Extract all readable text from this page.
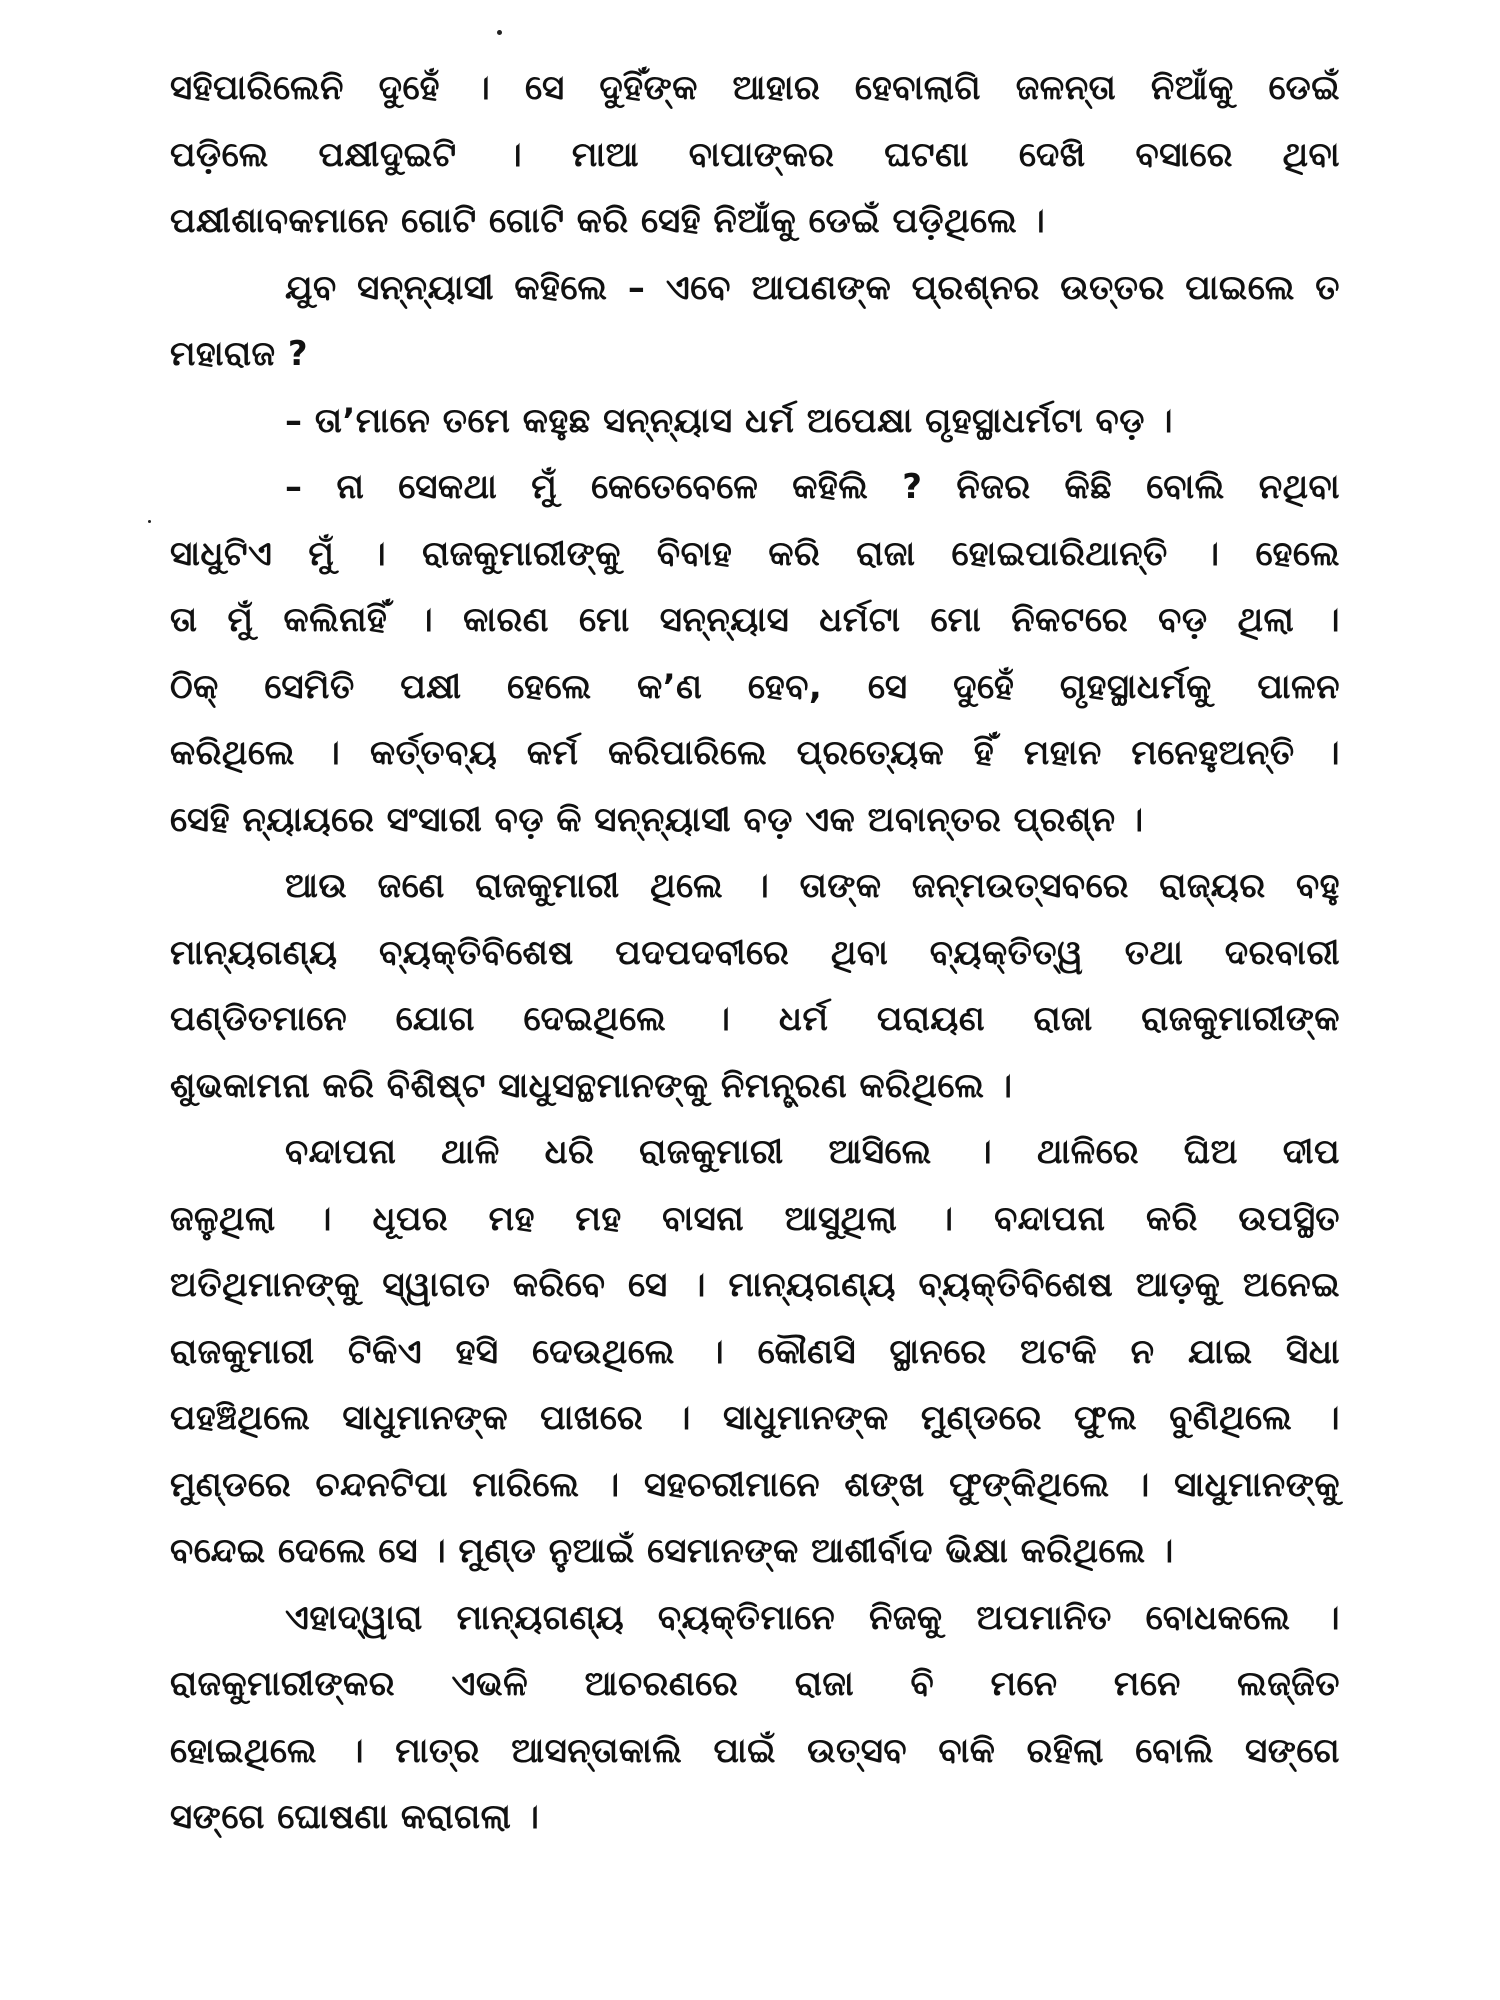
ସହିପାରିଲେନି ଦୁହେଁ । ସେ ଦୁହିଁଙ୍କ ଆହାର ହେବାଲାଗି ଜଳନ୍ତା ନିଆଁକୁ ଡେଇଁ
ପଡ଼ିଲେ ପକ୍ଷୀଦୁଇଟି । ମାଆ ବାପାଙ୍କର ଘଟଣା ଦେଖି ବସାରେ ଥିବା
ପକ୍ଷୀଶାବକମାନେ ଗୋଟି ଗୋଟି କରି ସେହି ନିଆଁକୁ ଡେଇଁ ପଡ଼ିଥିଲେ ।
ଯୁବ ସନ୍ନ୍ୟାସୀ କହିଲେ – ଏବେ ଆପଣଙ୍କ ପ୍ରଶ୍ନର ଉତ୍ତର ପାଇଲେ ତ
ମହାରାଜ ?
– ତା’ମାନେ ତମେ କହୁଛ ସନ୍ନ୍ୟାସ ଧର୍ମ ଅପେକ୍ଷା ଗୃହସ୍ଥାଧର୍ମଟା ବଡ଼ ।
– ନା ସେକଥା ମୁଁ କେତେବେଳେ କହିଲି ? ନିଜର କିଛି ବୋଲି ନଥିବା
ସାଧୁଟିଏ ମୁଁ । ରାଜକୁମାରୀଙ୍କୁ ବିବାହ କରି ରାଜା ହୋଇପାରିଥାନ୍ତି । ହେଲେ
ତା ମୁଁ କଲିନାହିଁ । କାରଣ ମୋ ସନ୍ନ୍ୟାସ ଧର୍ମଟା ମୋ ନିକଟରେ ବଡ଼ ଥିଲା ।
ଠିକ୍ ସେମିତି ପକ୍ଷୀ ହେଲେ କ’ଣ ହେବ, ସେ ଦୁହେଁ ଗୃହସ୍ଥାଧର୍ମକୁ ପାଳନ
କରିଥିଲେ । କର୍ତ୍ତବ୍ୟ କର୍ମ କରିପାରିଲେ ପ୍ରତ୍ୟେକ ହିଁ ମହାନ ମନେହୁଅନ୍ତି ।
ସେହି ନ୍ୟାୟରେ ସଂସାରୀ ବଡ଼ କି ସନ୍ନ୍ୟାସୀ ବଡ଼ ଏକ ଅବାନ୍ତର ପ୍ରଶ୍ନ ।
ଆଉ ଜଣେ ରାଜକୁମାରୀ ଥିଲେ । ତାଙ୍କ ଜନ୍ମଉତ୍ସବରେ ରାଜ୍ୟର ବହୁ
ମାନ୍ୟଗଣ୍ୟ ବ୍ୟକ୍ତିବିଶେଷ ପଦପଦବୀରେ ଥିବା ବ୍ୟକ୍ତିତ୍ୱ ତଥା ଦରବାରୀ
ପଣ୍ଡିତମାନେ ଯୋଗ ଦେଇଥିଲେ । ଧର୍ମ ପରାୟଣ ରାଜା ରାଜକୁମାରୀଙ୍କ
ଶୁଭକାମନା କରି ବିଶିଷ୍ଟ ସାଧୁସନ୍ଥମାନଙ୍କୁ ନିମନ୍ତ୍ରଣ କରିଥିଲେ ।
ବନ୍ଦାପନା ଥାଳି ଧରି ରାଜକୁମାରୀ ଆସିଲେ । ଥାଳିରେ ଘିଅ ଦୀପ
ଜଳୁଥିଲା । ଧୂପର ମହ ମହ ବାସନା ଆସୁଥିଲା । ବନ୍ଦାପନା କରି ଉପସ୍ଥିତ
ଅତିଥିମାନଙ୍କୁ ସ୍ୱାଗତ କରିବେ ସେ । ମାନ୍ୟଗଣ୍ୟ ବ୍ୟକ୍ତିବିଶେଷ ଆଡ଼କୁ ଅନେଇ
ରାଜକୁମାରୀ ଟିକିଏ ହସି ଦେଉଥିଲେ । କୌଣସି ସ୍ଥାନରେ ଅଟକି ନ ଯାଇ ସିଧା
ପହଞ୍ଚିଥିଲେ ସାଧୁମାନଙ୍କ ପାଖରେ । ସାଧୁମାନଙ୍କ ମୁଣ୍ଡରେ ଫୁଲ ବୁଣିଥିଲେ ।
ମୁଣ୍ଡରେ ଚନ୍ଦନଟିପା ମାରିଲେ । ସହଚରୀମାନେ ଶଙ୍ଖ ଫୁଙ୍କିଥିଲେ । ସାଧୁମାନଙ୍କୁ
ବନ୍ଦେଇ ଦେଲେ ସେ । ମୁଣ୍ଡ ନୁଆଇଁ ସେମାନଙ୍କ ଆଶୀର୍ବାଦ ଭିକ୍ଷା କରିଥିଲେ ।
ଏହାଦ୍ୱାରା ମାନ୍ୟଗଣ୍ୟ ବ୍ୟକ୍ତିମାନେ ନିଜକୁ ଅପମାନିତ ବୋଧକଲେ ।
ରାଜକୁମାରୀଙ୍କର ଏଭଳି ଆଚରଣରେ ରାଜା ବି ମନେ ମନେ ଲଜ୍ଜିତ
ହୋଇଥିଲେ । ମାତ୍ର ଆସନ୍ତାକାଲି ପାଇଁ ଉତ୍ସବ ବାକି ରହିଲା ବୋଲି ସଙ୍ଗେ
ସଙ୍ଗେ ଘୋଷଣା କରାଗଲା ।
